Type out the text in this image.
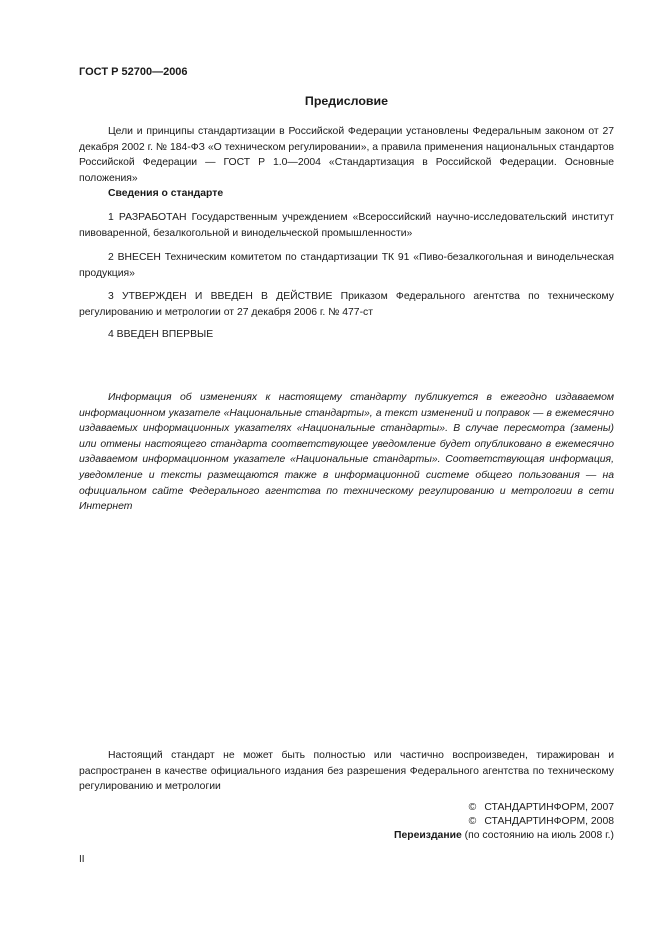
ГОСТ Р 52700—2006
Предисловие

Цели и принципы стандартизации в Российской Федерации установлены Федеральным законом от 27 декабря 2002 г. № 184-ФЗ «О техническом регулировании», а правила применения национальных стандартов Российской Федерации — ГОСТ Р 1.0—2004 «Стандартизация в Российской Федерации. Основные положения»

Сведения о стандарте

1 РАЗРАБОТАН Государственным учреждением «Всероссийский научно-исследовательский институт пивоваренной, безалкогольной и винодельческой промышленности»

2 ВНЕСЕН Техническим комитетом по стандартизации ТК 91 «Пиво-безалкогольная и винодельческая продукция»

3 УТВЕРЖДЕН И ВВЕДЕН В ДЕЙСТВИЕ Приказом Федерального агентства по техническому регулированию и метрологии от 27 декабря 2006 г. № 477-ст

4 ВВЕДЕН ВПЕРВЫЕ

Информация об изменениях к настоящему стандарту публикуется в ежегодно издаваемом информационном указателе «Национальные стандарты», а текст изменений и поправок — в ежемесячно издаваемых информационных указателях «Национальные стандарты». В случае пересмотра (замены) или отмены настоящего стандарта соответствующее уведомление будет опубликовано в ежемесячно издаваемом информационном указателе «Национальные стандарты». Соответствующая информация, уведомление и тексты размещаются также в информационной системе общего пользования — на официальном сайте Федерального агентства по техническому регулированию и метрологии в сети Интернет

Настоящий стандарт не может быть полностью или частично воспроизведен, тиражирован и распространен в качестве официального издания без разрешения Федерального агентства по техническому регулированию и метрологии

© СТАНДАРТИНФОРМ, 2007
© СТАНДАРТИНФОРМ, 2008
Переиздание (по состоянию на июль 2008 г.)
II
